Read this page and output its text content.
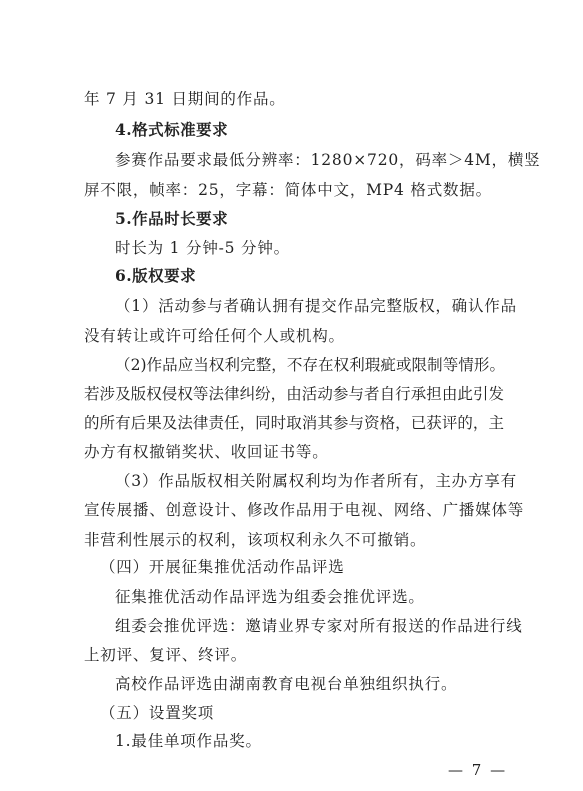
年 7 月 31 日期间的作品。
4.格式标准要求
参赛作品要求最低分辨率：1280×720，码率＞4M，横竖
屏不限，帧率：25，字幕：简体中文，MP4 格式数据。
5.作品时长要求
时长为 1 分钟-5 分钟。
6.版权要求
（1）活动参与者确认拥有提交作品完整版权，确认作品
没有转让或许可给任何个人或机构。
（2)作品应当权利完整，不存在权利瑕疵或限制等情形。
若涉及版权侵权等法律纠纷，由活动参与者自行承担由此引发
的所有后果及法律责任，同时取消其参与资格，已获评的，主
办方有权撤销奖状、收回证书等。
（3）作品版权相关附属权利均为作者所有，主办方享有
宣传展播、创意设计、修改作品用于电视、网络、广播媒体等
非营利性展示的权利，该项权利永久不可撤销。
（四）开展征集推优活动作品评选
征集推优活动作品评选为组委会推优评选。
组委会推优评选：邀请业界专家对所有报送的作品进行线
上初评、复评、终评。
高校作品评选由湖南教育电视台单独组织执行。
（五）设置奖项
1.最佳单项作品奖。
— 7 —
